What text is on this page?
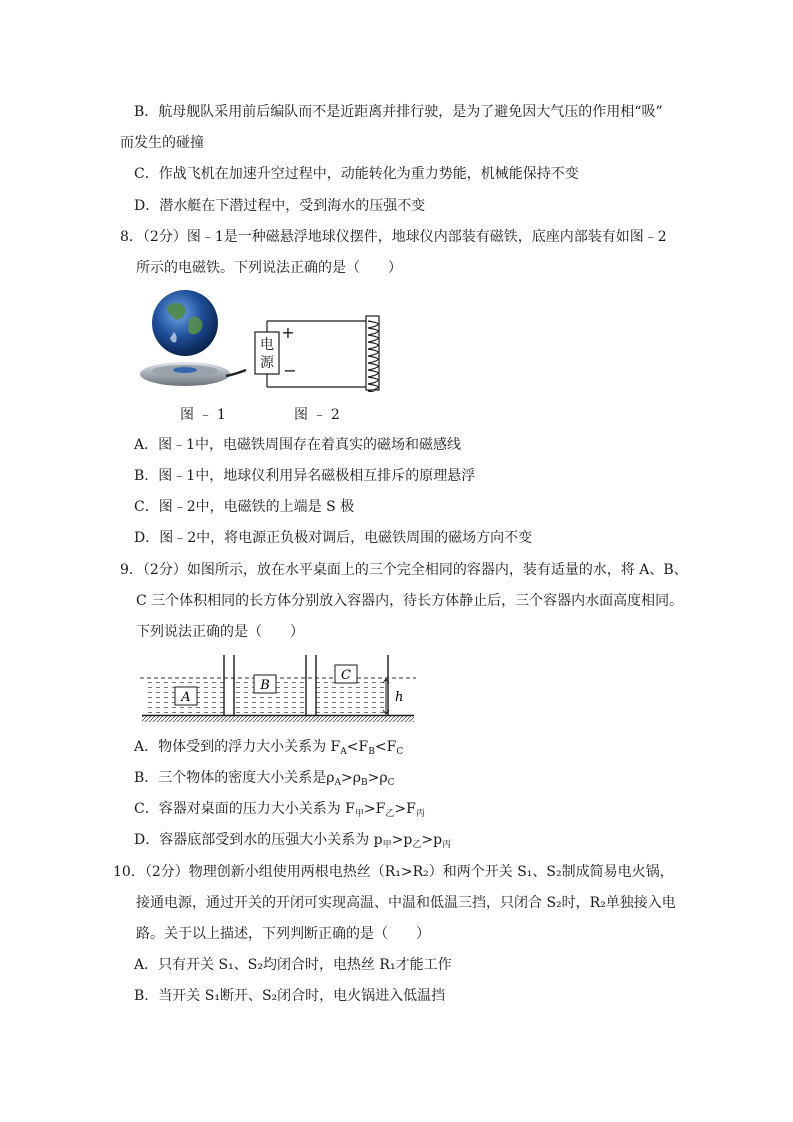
B．航母舰队采用前后编队而不是近距离并排行驶，是为了避免因大气压的作用相“吸”
而发生的碰撞
C．作战飞机在加速升空过程中，动能转化为重力势能，机械能保持不变
D．潜水艇在下潜过程中，受到海水的压强不变
8．（2分）图﹣1是一种磁悬浮地球仪摆件，地球仪内部装有磁铁，底座内部装有如图﹣2
所示的电磁铁。下列说法正确的是（　　）
电
源
+
−
图 ﹣ 1	图 ﹣ 2
A．图﹣1中，电磁铁周围存在着真实的磁场和磁感线
B．图﹣1中，地球仪利用异名磁极相互排斥的原理悬浮
C．图﹣2中，电磁铁的上端是 S 极
D．图﹣2中，将电源正负极对调后，电磁铁周围的磁场方向不变
9．（2分）如图所示，放在水平桌面上的三个完全相同的容器内，装有适量的水，将 A、B、
C 三个体积相同的长方体分别放入容器内，待长方体静止后，三个容器内水面高度相同。
下列说法正确的是（　　）
A
B
C
h
A．物体受到的浮力大小关系为 $F_A<F_B<F_C$
B．三个物体的密度大小关系是$\rho_A>\rho_B>\rho_C$
C．容器对桌面的压力大小关系为 $F_甲>F_乙>F_丙$
D．容器底部受到水的压强大小关系为 $p_甲>p_乙>p_丙$
10．（2分）物理创新小组使用两根电热丝（R₁>R₂）和两个开关 S₁、S₂制成简易电火锅，
接通电源，通过开关的开闭可实现高温、中温和低温三挡，只闭合 S₂时，R₂单独接入电
路。关于以上描述，下列判断正确的是（　　）
A．只有开关 S₁、S₂均闭合时，电热丝 R₁才能工作
B．当开关 S₁断开、S₂闭合时，电火锅进入低温挡
